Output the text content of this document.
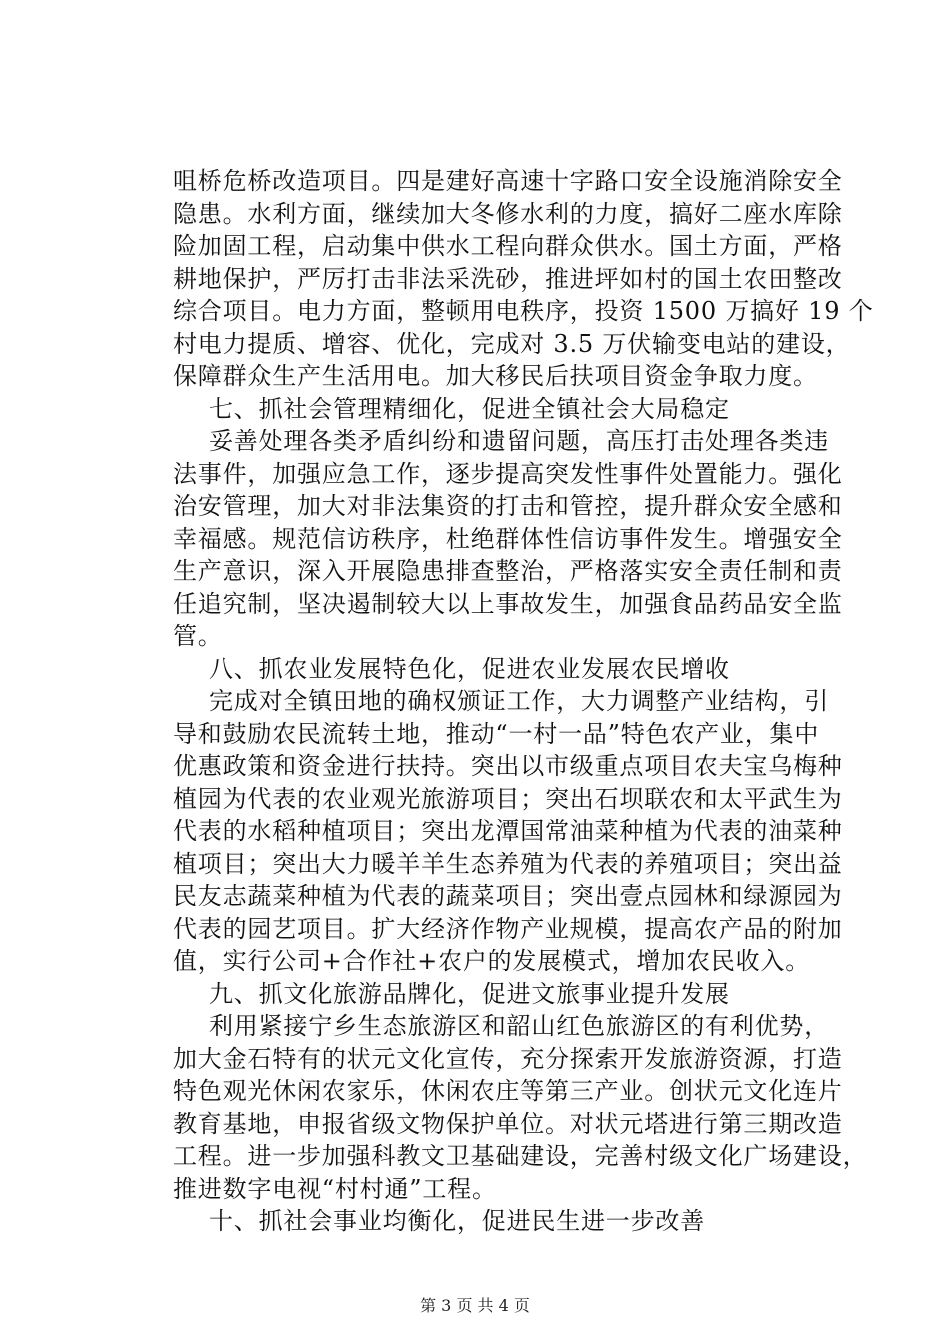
咀桥危桥改造项目。四是建好高速十字路口安全设施消除安全
隐患。水利方面，继续加大冬修水利的力度，搞好二座水库除
险加固工程，启动集中供水工程向群众供水。国土方面，严格
耕地保护，严厉打击非法采洗砂，推进坪如村的国土农田整改
综合项目。电力方面，整顿用电秩序，投资 1500 万搞好 19 个
村电力提质、增容、优化，完成对 3.5 万伏输变电站的建设，
保障群众生产生活用电。加大移民后扶项目资金争取力度。
七、抓社会管理精细化，促进全镇社会大局稳定
妥善处理各类矛盾纠纷和遗留问题，高压打击处理各类违
法事件，加强应急工作，逐步提高突发性事件处置能力。强化
治安管理，加大对非法集资的打击和管控，提升群众安全感和
幸福感。规范信访秩序，杜绝群体性信访事件发生。增强安全
生产意识，深入开展隐患排查整治，严格落实安全责任制和责
任追究制，坚决遏制较大以上事故发生，加强食品药品安全监
管。
八、抓农业发展特色化，促进农业发展农民增收
完成对全镇田地的确权颁证工作，大力调整产业结构，引
导和鼓励农民流转土地，推动“一村一品”特色农产业，集中
优惠政策和资金进行扶持。突出以市级重点项目农夫宝乌梅种
植园为代表的农业观光旅游项目；突出石坝联农和太平武生为
代表的水稻种植项目；突出龙潭国常油菜种植为代表的油菜种
植项目；突出大力暖羊羊生态养殖为代表的养殖项目；突出益
民友志蔬菜种植为代表的蔬菜项目；突出壹点园林和绿源园为
代表的园艺项目。扩大经济作物产业规模，提高农产品的附加
值，实行公司+合作社+农户的发展模式，增加农民收入。
九、抓文化旅游品牌化，促进文旅事业提升发展
利用紧接宁乡生态旅游区和韶山红色旅游区的有利优势，
加大金石特有的状元文化宣传，充分探索开发旅游资源，打造
特色观光休闲农家乐，休闲农庄等第三产业。创状元文化连片
教育基地，申报省级文物保护单位。对状元塔进行第三期改造
工程。进一步加强科教文卫基础建设，完善村级文化广场建设，
推进数字电视“村村通”工程。
十、抓社会事业均衡化，促进民生进一步改善
第 3 页 共 4 页
